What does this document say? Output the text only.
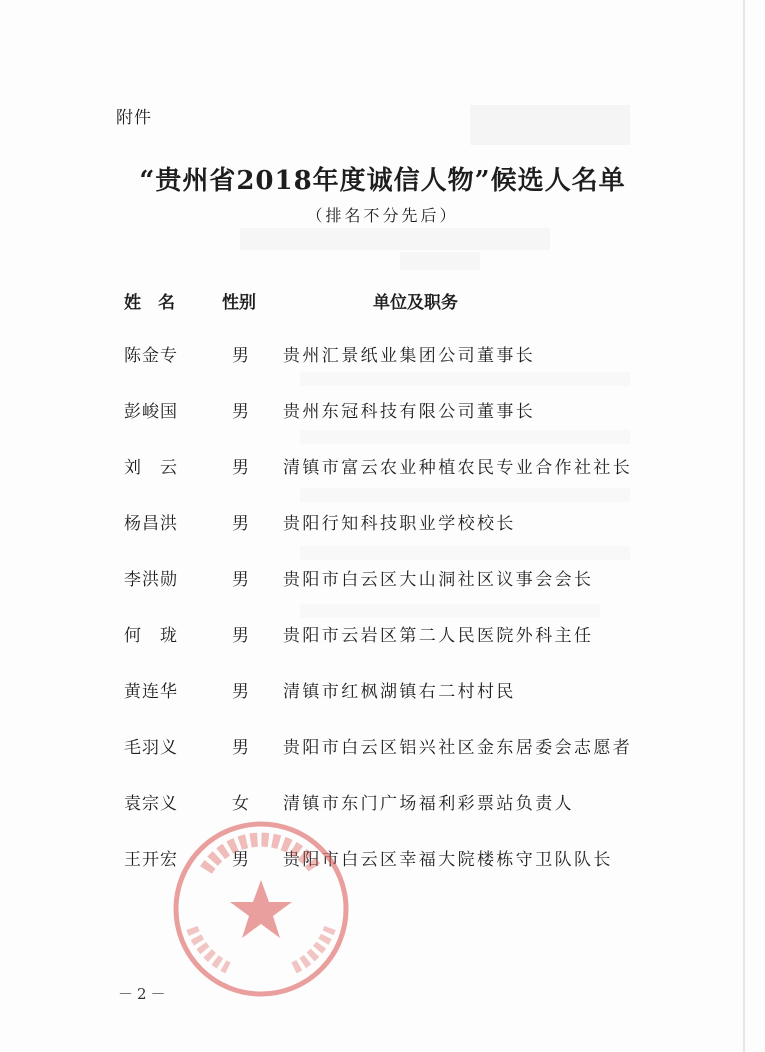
附件
“贵州省2018年度诚信人物”候选人名单
（排名不分先后）
姓　名	性别	单位及职务
陈金专	男 贵州汇景纸业集团公司董事长
彭峻国	男 贵州东冠科技有限公司董事长
刘　云	男 清镇市富云农业种植农民专业合作社社长
杨昌洪	男 贵阳行知科技职业学校校长
李洪勋	男 贵阳市白云区大山洞社区议事会会长
何　珑	男 贵阳市云岩区第二人民医院外科主任
黄连华	男 清镇市红枫湖镇右二村村民
毛羽义	男 贵阳市白云区铝兴社区金东居委会志愿者
袁宗义	女 清镇市东门广场福利彩票站负责人
王开宏	男 贵阳市白云区幸福大院楼栋守卫队队长
－2－
